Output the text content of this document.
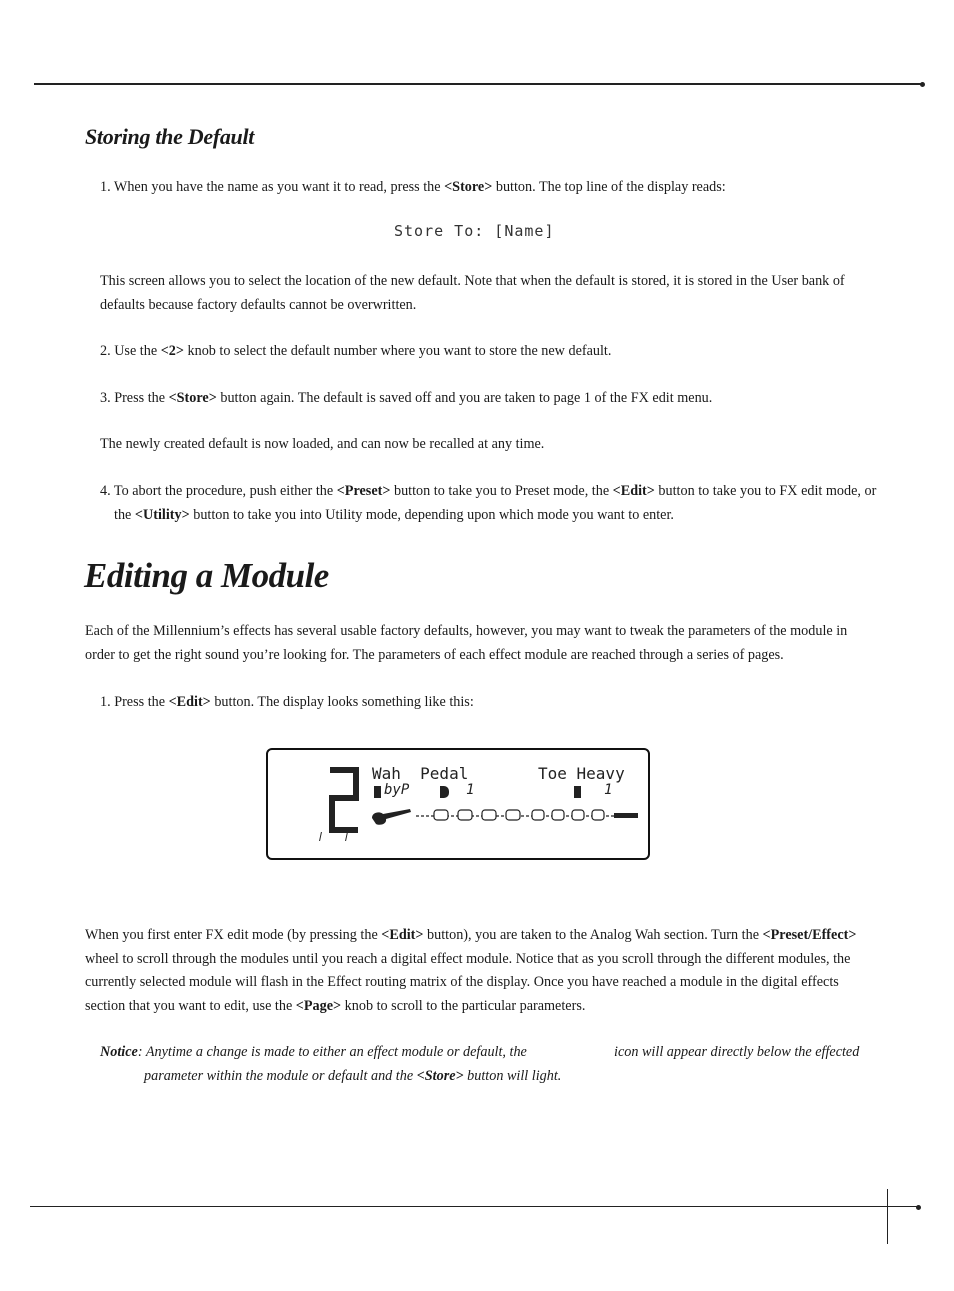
Storing the Default

1. When you have the name as you want it to read, press the <Store> button. The top line of the display reads:

Store To: [Name]

This screen allows you to select the location of the new default. Note that when the default is stored, it is stored in the User bank of defaults because factory defaults cannot be overwritten.

2. Use the <2> knob to select the default number where you want to store the new default.

3. Press the <Store> button again. The default is saved off and you are taken to page 1 of the FX edit menu.

The newly created default is now loaded, and can now be recalled at any time.

4. To abort the procedure, push either the <Preset> button to take you to Preset mode, the <Edit> button to take you to FX edit mode, or the <Utility> button to take you into Utility mode, depending upon which mode you want to enter.

Editing a Module

Each of the Millennium’s effects has several usable factory defaults, however, you may want to tweak the parameters of the module in order to get the right sound you’re looking for. The parameters of each effect module are reached through a series of pages.

1. Press the <Edit> button. The display looks something like this:

Wah  Pedal	Toe Heavy
byP	1	1

When you first enter FX edit mode (by pressing the <Edit> button), you are taken to the Analog Wah section. Turn the <Preset/Effect> wheel to scroll through the modules until you reach a digital effect module. Notice that as you scroll through the different modules, the currently selected module will flash in the Effect routing matrix of the display. Once you have reached a module in the digital effects section that you want to edit, use the <Page> knob to scroll to the particular parameters.

Notice: Anytime a change is made to either an effect module or default, the	icon will appear directly below the effected
parameter within the module or default and the <Store> button will light.
